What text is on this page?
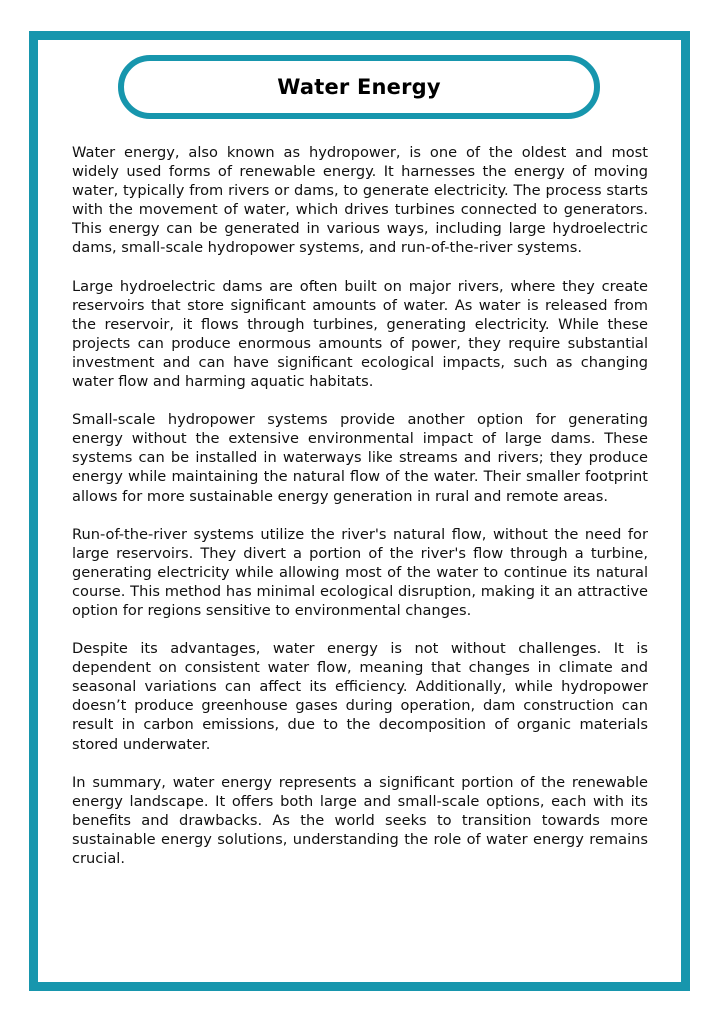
Water Energy

Water energy, also known as hydropower, is one of the oldest and most widely used forms of renewable energy. It harnesses the energy of moving water, typically from rivers or dams, to generate electricity. The process starts with the movement of water, which drives turbines connected to generators. This energy can be generated in various ways, including large hydroelectric dams, small-scale hydropower systems, and run-of-the-river systems.

Large hydroelectric dams are often built on major rivers, where they create reservoirs that store significant amounts of water. As water is released from the reservoir, it flows through turbines, generating electricity. While these projects can produce enormous amounts of power, they require substantial investment and can have significant ecological impacts, such as changing water flow and harming aquatic habitats.

Small-scale hydropower systems provide another option for generating energy without the extensive environmental impact of large dams. These systems can be installed in waterways like streams and rivers; they produce energy while maintaining the natural flow of the water. Their smaller footprint allows for more sustainable energy generation in rural and remote areas.

Run-of-the-river systems utilize the river's natural flow, without the need for large reservoirs. They divert a portion of the river's flow through a turbine, generating electricity while allowing most of the water to continue its natural course. This method has minimal ecological disruption, making it an attractive option for regions sensitive to environmental changes.

Despite its advantages, water energy is not without challenges. It is dependent on consistent water flow, meaning that changes in climate and seasonal variations can affect its efficiency. Additionally, while hydropower doesn’t produce greenhouse gases during operation, dam construction can result in carbon emissions, due to the decomposition of organic materials stored underwater.

In summary, water energy represents a significant portion of the renewable energy landscape. It offers both large and small-scale options, each with its benefits and drawbacks. As the world seeks to transition towards more sustainable energy solutions, understanding the role of water energy remains crucial.
